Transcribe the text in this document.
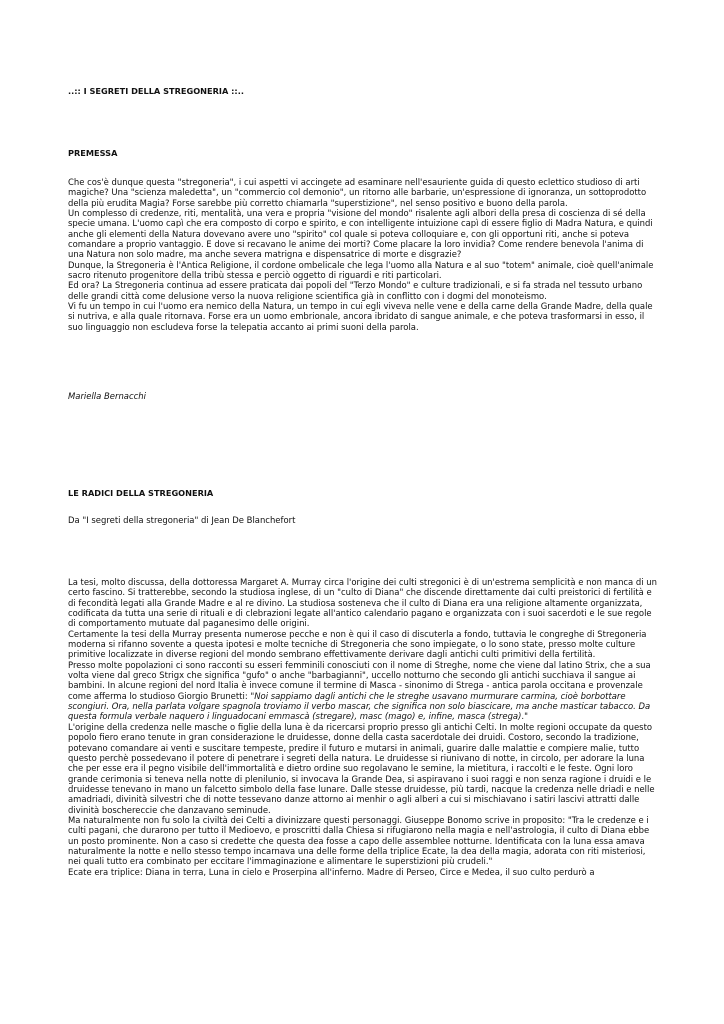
..:: I SEGRETI DELLA STREGONERIA ::..
PREMESSA
Che cos'è dunque questa "stregoneria", i cui aspetti vi accingete ad esaminare nell'esauriente guida di questo eclettico studioso di arti magiche? Una "scienza maledetta", un "commercio col demonio", un ritorno alle barbarie, un'espressione di ignoranza, un sottoprodotto della più erudita Magia? Forse sarebbe più corretto chiamarla "superstizione", nel senso positivo e buono della parola.
Un complesso di credenze, riti, mentalità, una vera e propria "visione del mondo" risalente agli albori della presa di coscienza di sé della specie umana. L'uomo capì che era composto di corpo e spirito, e con intelligente intuizione capì di essere figlio di Madra Natura, e quindi anche gli elementi della Natura dovevano avere uno "spirito" col quale si poteva colloquiare e, con gli opportuni riti, anche si poteva comandare a proprio vantaggio. E dove si recavano le anime dei morti? Come placare la loro invidia? Come rendere benevola l'anima di una Natura non solo madre, ma anche severa matrigna e dispensatrice di morte e disgrazie?
Dunque, la Stregoneria è l'Antica Religione, il cordone ombelicale che lega l'uomo alla Natura e al suo "totem" animale, cioè quell'animale sacro ritenuto progenitore della tribù stessa e perciò oggetto di riguardi e riti particolari.
Ed ora? La Stregoneria continua ad essere praticata dai popoli del "Terzo Mondo" e culture tradizionali, e si fa strada nel tessuto urbano delle grandi città come delusione verso la nuova religione scientifica già in conflitto con i dogmi del monoteismo.
Vi fu un tempo in cui l'uomo era nemico della Natura, un tempo in cui egli viveva nelle vene e della carne della Grande Madre, della quale si nutriva, e alla quale ritornava. Forse era un uomo embrionale, ancora ibridato di sangue animale, e che poteva trasformarsi in esso, il suo linguaggio non escludeva forse la telepatia accanto ai primi suoni della parola.
Mariella Bernacchi
LE RADICI DELLA STREGONERIA
Da "I segreti della stregoneria" di Jean De Blanchefort
La tesi, molto discussa, della dottoressa Margaret A. Murray circa l'origine dei culti stregonici è di un'estrema semplicità e non manca di un certo fascino. Si tratterebbe, secondo la studiosa inglese, di un "culto di Diana" che discende direttamente dai culti preistorici di fertilità e di fecondità legati alla Grande Madre e al re divino. La studiosa sosteneva che il culto di Diana era una religione altamente organizzata, codificata da tutta una serie di rituali e di clebrazioni legate all'antico calendario pagano e organizzata con i suoi sacerdoti e le sue regole di comportamento mutuate dal paganesimo delle origini.
Certamente la tesi della Murray presenta numerose pecche e non è qui il caso di discuterla a fondo, tuttavia le congreghe di Stregoneria moderna si rifanno sovente a questa ipotesi e molte tecniche di Stregoneria che sono impiegate, o lo sono state, presso molte culture primitive localizzate in diverse regioni del mondo sembrano effettivamente derivare dagli antichi culti primitivi della fertilità.
Presso molte popolazioni ci sono racconti su esseri femminili conosciuti con il nome di Streghe, nome che viene dal latino Strix, che a sua volta viene dal greco Strigx che significa "gufo" o anche "barbagianni", uccello notturno che secondo gli antichi succhiava il sangue ai bambini. In alcune regioni del nord Italia è invece comune il termine di Masca - sinonimo di Strega - antica parola occitana e provenzale come afferma lo studioso Giorgio Brunetti: "Noi sappiamo dagli antichi che le streghe usavano murmurare carmina, cioè borbottare scongiuri. Ora, nella parlata volgare spagnola troviamo il verbo mascar, che significa non solo biascicare, ma anche masticar tabacco. Da questa formula verbale naquero i linguadocani emmascà (stregare), masc (mago) e, infine, masca (strega)."
L'origine della credenza nelle masche o figlie della luna è da ricercarsi proprio presso gli antichi Celti. In molte regioni occupate da questo popolo fiero erano tenute in gran considerazione le druidesse, donne della casta sacerdotale dei druidi. Costoro, secondo la tradizione, potevano comandare ai venti e suscitare tempeste, predire il futuro e mutarsi in animali, guarire dalle malattie e compiere malie, tutto questo perchè possedevano il potere di penetrare i segreti della natura. Le druidesse si riunivano di notte, in circolo, per adorare la luna che per esse era il pegno visibile dell'immortalità e dietro ordine suo regolavano le semine, la mietitura, i raccolti e le feste. Ogni loro grande cerimonia si teneva nella notte di plenilunio, si invocava la Grande Dea, si aspiravano i suoi raggi e non senza ragione i druidi e le druidesse tenevano in mano un falcetto simbolo della fase lunare. Dalle stesse druidesse, più tardi, nacque la credenza nelle driadi e nelle amadriadi, divinità silvestri che di notte tessevano danze attorno ai menhir o agli alberi a cui si mischiavano i satiri lascivi attratti dalle divinità boschereccie che danzavano seminude.
Ma naturalmente non fu solo la civiltà dei Celti a divinizzare questi personaggi. Giuseppe Bonomo scrive in proposito: "Tra le credenze e i culti pagani, che durarono per tutto il Medioevo, e proscritti dalla Chiesa si rifugiarono nella magia e nell'astrologia, il culto di Diana ebbe un posto prominente. Non a caso si credette che questa dea fosse a capo delle assemblee notturne. Identificata con la luna essa amava naturalmente la notte e nello stesso tempo incarnava una delle forme della triplice Ecate, la dea della magia, adorata con riti misteriosi, nei quali tutto era combinato per eccitare l'immaginazione e alimentare le superstizioni più crudeli."
Ecate era triplice: Diana in terra, Luna in cielo e Proserpina all'inferno. Madre di Perseo, Circe e Medea, il suo culto perdurò a
